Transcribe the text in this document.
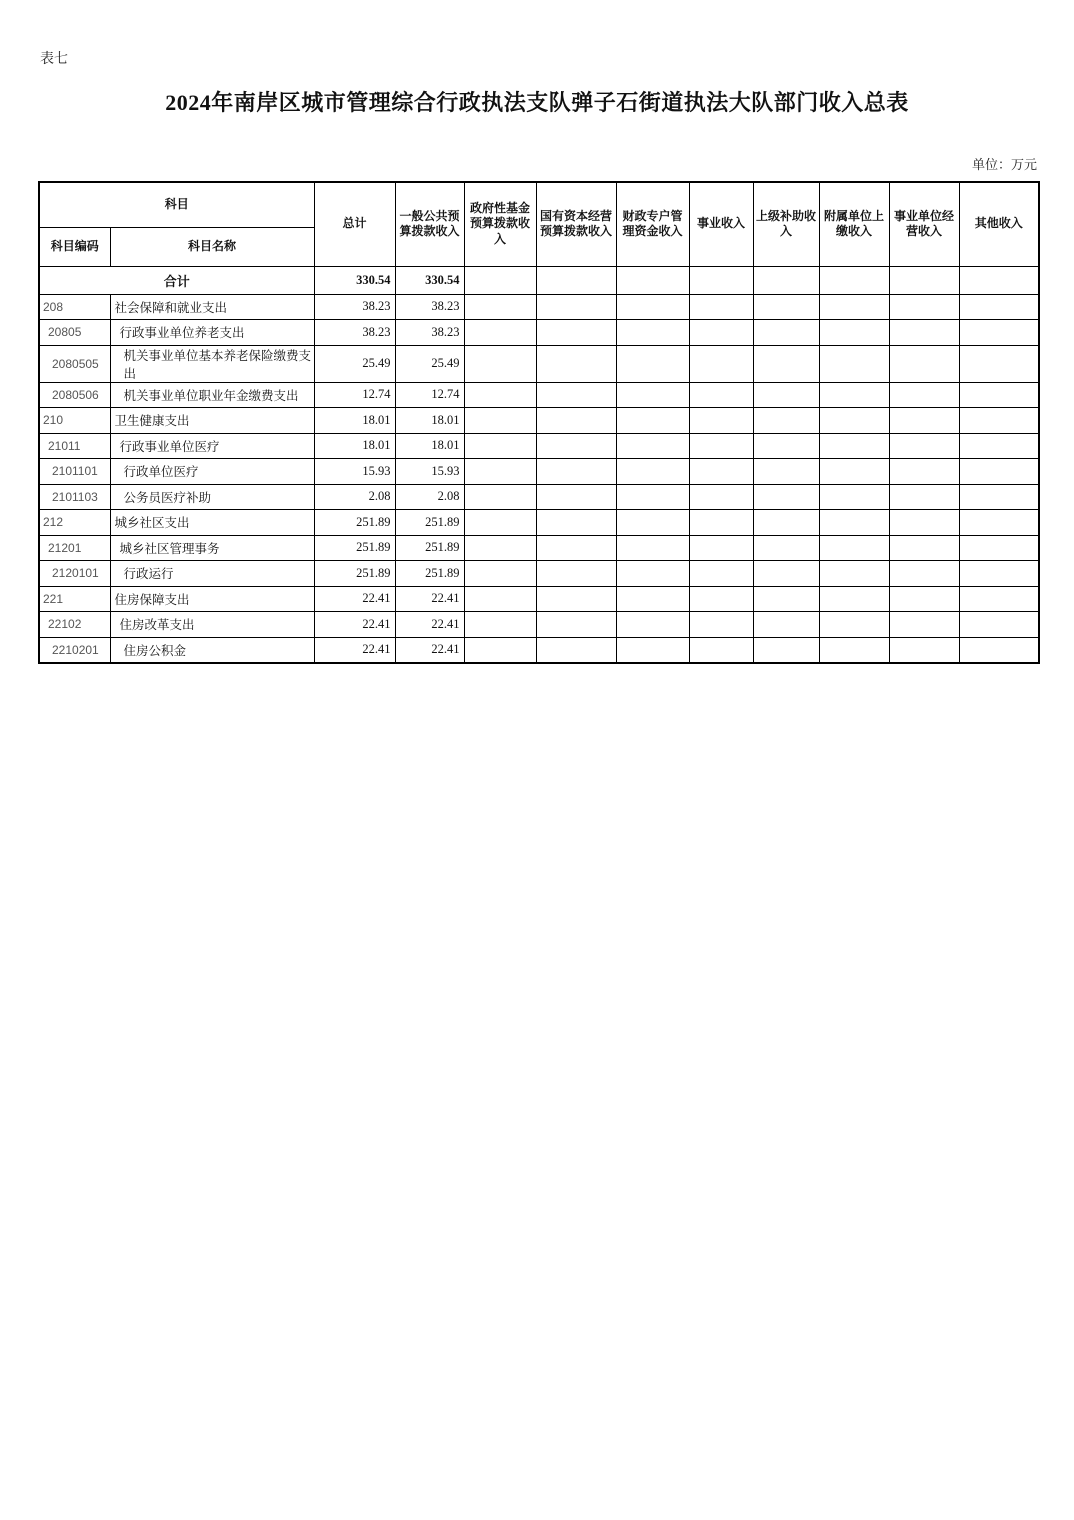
表七
2024年南岸区城市管理综合行政执法支队弹子石街道执法大队部门收入总表
单位：万元
科目		总计	一般公共预算拨款收入	政府性基金预算拨款收入	国有资本经营预算拨款收入	财政专户管理资金收入	事业收入	上级补助收入	附属单位上缴收入	事业单位经营收入	其他收入
科目编码	科目名称										
合计		330.54	330.54								
208	社会保障和就业支出	38.23	38.23								
20805	行政事业单位养老支出	38.23	38.23								
2080505	机关事业单位基本养老保险缴费支出	25.49	25.49								
2080506	机关事业单位职业年金缴费支出	12.74	12.74								
210	卫生健康支出	18.01	18.01								
21011	行政事业单位医疗	18.01	18.01								
2101101	行政单位医疗	15.93	15.93								
2101103	公务员医疗补助	2.08	2.08								
212	城乡社区支出	251.89	251.89								
21201	城乡社区管理事务	251.89	251.89								
2120101	行政运行	251.89	251.89								
221	住房保障支出	22.41	22.41								
22102	住房改革支出	22.41	22.41								
2210201	住房公积金	22.41	22.41								
